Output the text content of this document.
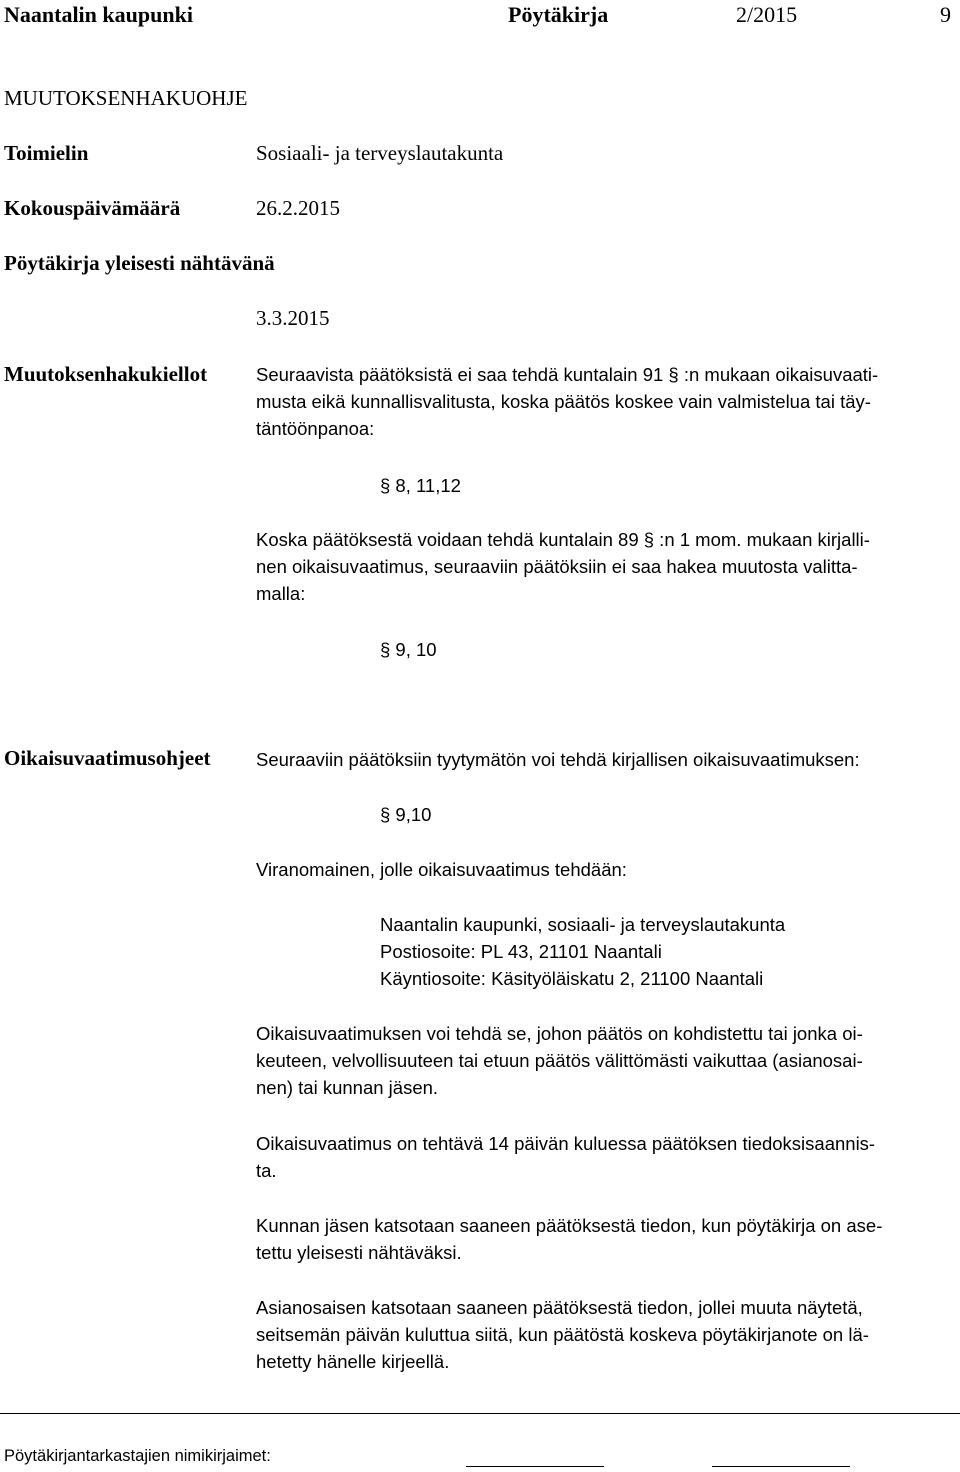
Naantalin kaupunki	Pöytäkirja	2/2015	9
MUUTOKSENHAKUOHJE
Toimielin	Sosiaali- ja terveyslautakunta
Kokouspäivämäärä	26.2.2015
Pöytäkirja yleisesti nähtävänä
3.3.2015
Muutoksenhakukiellot	Seuraavista päätöksistä ei saa tehdä kuntalain 91 § :n mukaan oikaisuvaati-
musta eikä kunnallisvalitusta, koska päätös koskee vain valmistelua tai täy-
täntöönpanoa:
§ 8, 11,12
Koska päätöksestä voidaan tehdä kuntalain 89 § :n 1 mom. mukaan kirjalli-
nen oikaisuvaatimus, seuraaviin päätöksiin ei saa hakea muutosta valitta-
malla:
§ 9, 10
Oikaisuvaatimusohjeet Seuraaviin päätöksiin tyytymätön voi tehdä kirjallisen oikaisuvaatimuksen:
§ 9,10
Viranomainen, jolle oikaisuvaatimus tehdään:
Naantalin kaupunki, sosiaali- ja terveyslautakunta
Postiosoite: PL 43, 21101 Naantali
Käyntiosoite: Käsityöläiskatu 2, 21100 Naantali
Oikaisuvaatimuksen voi tehdä se, johon päätös on kohdistettu tai jonka oi-
keuteen, velvollisuuteen tai etuun päätös välittömästi vaikuttaa (asianosai-
nen) tai kunnan jäsen.
Oikaisuvaatimus on tehtävä 14 päivän kuluessa päätöksen tiedoksisaannis-
ta.
Kunnan jäsen katsotaan saaneen päätöksestä tiedon, kun pöytäkirja on ase-
tettu yleisesti nähtäväksi.
Asianosaisen katsotaan saaneen päätöksestä tiedon, jollei muuta näytetä,
seitsemän päivän kuluttua siitä, kun päätöstä koskeva pöytäkirjanote on lä-
hetetty hänelle kirjeellä.
Pöytäkirjantarkastajien nimikirjaimet:
